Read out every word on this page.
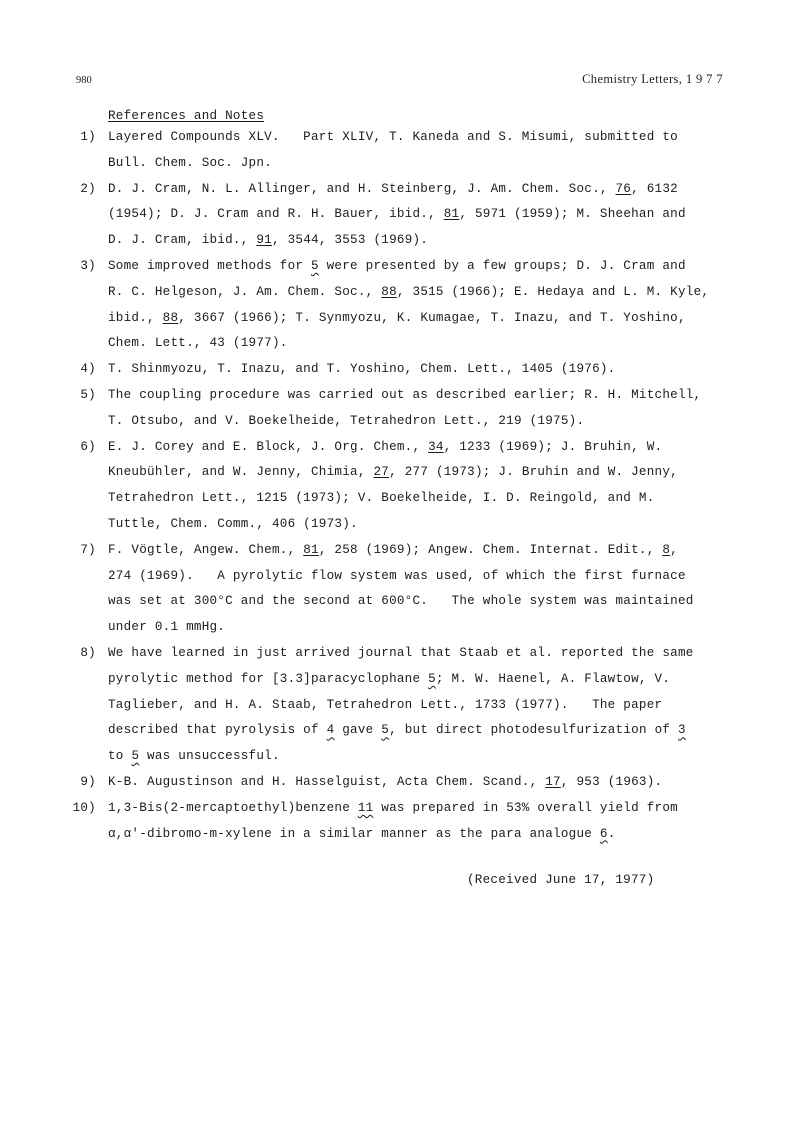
980	Chemistry Letters, 1 9 7 7
References and Notes
1) Layered Compounds XLV.   Part XLIV, T. Kaneda and S. Misumi, submitted to
Bull. Chem. Soc. Jpn.
2) D. J. Cram, N. L. Allinger, and H. Steinberg, J. Am. Chem. Soc., 76, 6132
(1954); D. J. Cram and R. H. Bauer, ibid., 81, 5971 (1959); M. Sheehan and
D. J. Cram, ibid., 91, 3544, 3553 (1969).
3) Some improved methods for 5 were presented by a few groups; D. J. Cram and
R. C. Helgeson, J. Am. Chem. Soc., 88, 3515 (1966); E. Hedaya and L. M. Kyle,
ibid., 88, 3667 (1966); T. Synmyozu, K. Kumagae, T. Inazu, and T. Yoshino,
Chem. Lett., 43 (1977).
4) T. Shinmyozu, T. Inazu, and T. Yoshino, Chem. Lett., 1405 (1976).
5) The coupling procedure was carried out as described earlier; R. H. Mitchell,
T. Otsubo, and V. Boekelheide, Tetrahedron Lett., 219 (1975).
6) E. J. Corey and E. Block, J. Org. Chem., 34, 1233 (1969); J. Bruhin, W.
Kneubühler, and W. Jenny, Chimia, 27, 277 (1973); J. Bruhin and W. Jenny,
Tetrahedron Lett., 1215 (1973); V. Boekelheide, I. D. Reingold, and M.
Tuttle, Chem. Comm., 406 (1973).
7) F. Vögtle, Angew. Chem., 81, 258 (1969); Angew. Chem. Internat. Edit., 8,
274 (1969).   A pyrolytic flow system was used, of which the first furnace
was set at 300°C and the second at 600°C.   The whole system was maintained
under 0.1 mmHg.
8) We have learned in just arrived journal that Staab et al. reported the same
pyrolytic method for [3.3]paracyclophane 5; M. W. Haenel, A. Flawtow, V.
Taglieber, and H. A. Staab, Tetrahedron Lett., 1733 (1977).   The paper
described that pyrolysis of 4 gave 5, but direct photodesulfurization of 3
to 5 was unsuccessful.
9) K-B. Augustinson and H. Hasselguist, Acta Chem. Scand., 17, 953 (1963).
10) 1,3-Bis(2-mercaptoethyl)benzene 11 was prepared in 53% overall yield from
α,α'-dibromo-m-xylene in a similar manner as the para analogue 6.
(Received June 17, 1977)
